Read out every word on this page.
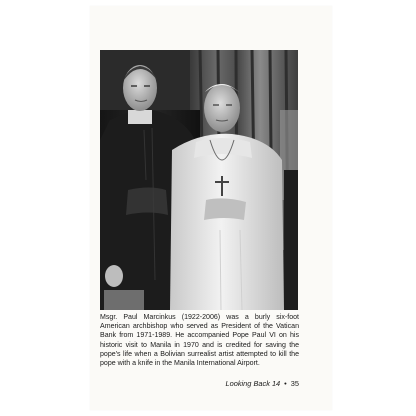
Msgr. Paul Marcinkus (1922-2006) was a burly six-foot American archbishop who served as President of the Vatican Bank from 1971-1989. He accompanied Pope Paul VI on his historic visit to Manila in 1970 and is credited for saving the pope's life when a Bolivian surrealist artist attempted to kill the pope with a knife in the Manila International Airport.

Looking Back 14 • 35
